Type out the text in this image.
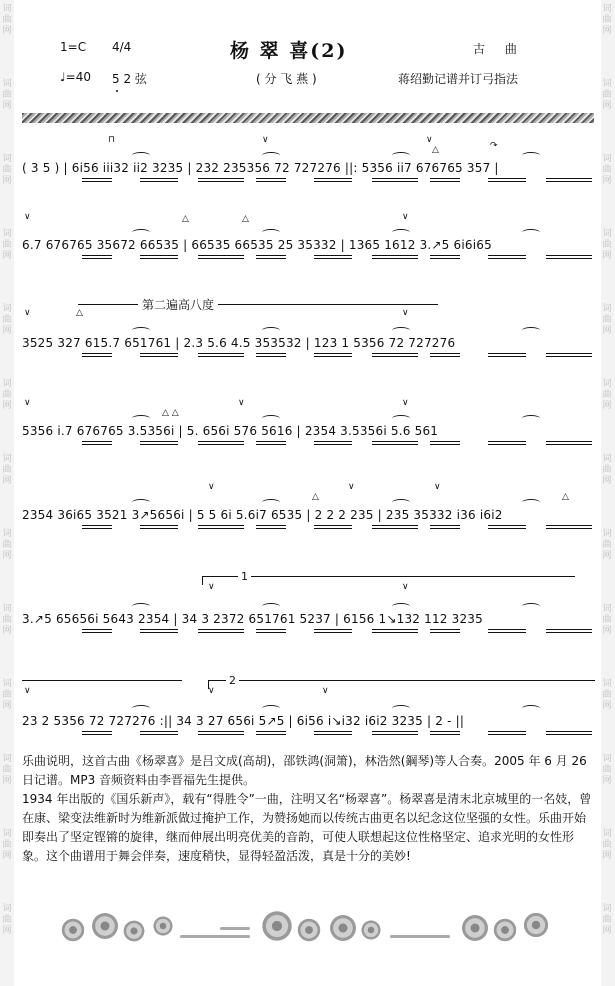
词
曲
网
词
曲
网
词
曲
网
词
曲
网
词
曲
网
词
曲
网
词
曲
网
词
曲
网
词
曲
网
词
曲
网
词
曲
网
词
曲
网
词
曲
网
词
曲
网
词
曲
网
词
曲
网
词
曲
网
词
曲
网
词
曲
网
词
曲
网
词
曲
网
词
曲
网
词
曲
网
词
曲
网
词
曲
网
词
曲
网
1=C 4/4	杨 翠 喜(2)	古 曲
♩=40 5 2 弦	( 分 飞 燕 )	蒋绍勤记谱并订弓指法
⊓	∨	∨
△	↷
( 3 5 ) | 6i56 iii32 ii2 3235 | 232 235356 72 727276 ||: 5356 ii7 676765 357 |
∨	∨
△	△
6.7 676765 35672 66535 | 66535 66535 25 35332 | 1365 1612 3.↗5 6i6i65
第二遍高八度
∨	△	∨
3525 327 615.7 651761 | 2.3 5.6 4.5 353532 | 123 1 5356 72 727276
∨	∨	∨
△ △
5356 i.7 676765 3.5356i | 5. 656i 576 5616 | 2354 3.5356i 5.6 561
∨	∨
△
∨
△
2354 36i65 3521 3↗5656i | 5 5 6i 5.6i7 6535 | 2 2 2 235 | 235 35332 i36 i6i2
1
∨	∨
3.↗5 65656i 5643 2354 | 34 3 2372 651761 5237 | 6156 1↘132 112 3235
2
∨	∨	∨
23 2 5356 72 727276 :|| 34 3 27 656i 5↗5 | 6i56 i↘i32 i6i2 3235 | 2 - ||

乐曲说明，这首古曲《杨翠喜》是吕文成(高胡)，邵铁鸿(洞箫)，林浩然(鋼琴)等人合奏。2005 年 6 月 26 日记谱。MP3 音频资料由李晋福先生提供。

1934 年出版的《国乐新声》，载有“得胜令”一曲，注明又名“杨翠喜”。杨翠喜是清末北京城里的一名妓，曾在康、梁变法维新时为维新派做过掩护工作，为赞扬她而以传统古曲更名以纪念这位坚强的女性。乐曲开始即奏出了坚定铿锵的旋律，继而伸展出明亮优美的音韵，可使人联想起这位性格坚定、追求光明的女性形象。这个曲谱用于舞会伴奏，速度稍快，显得轻盈活泼，真是十分的美妙!
